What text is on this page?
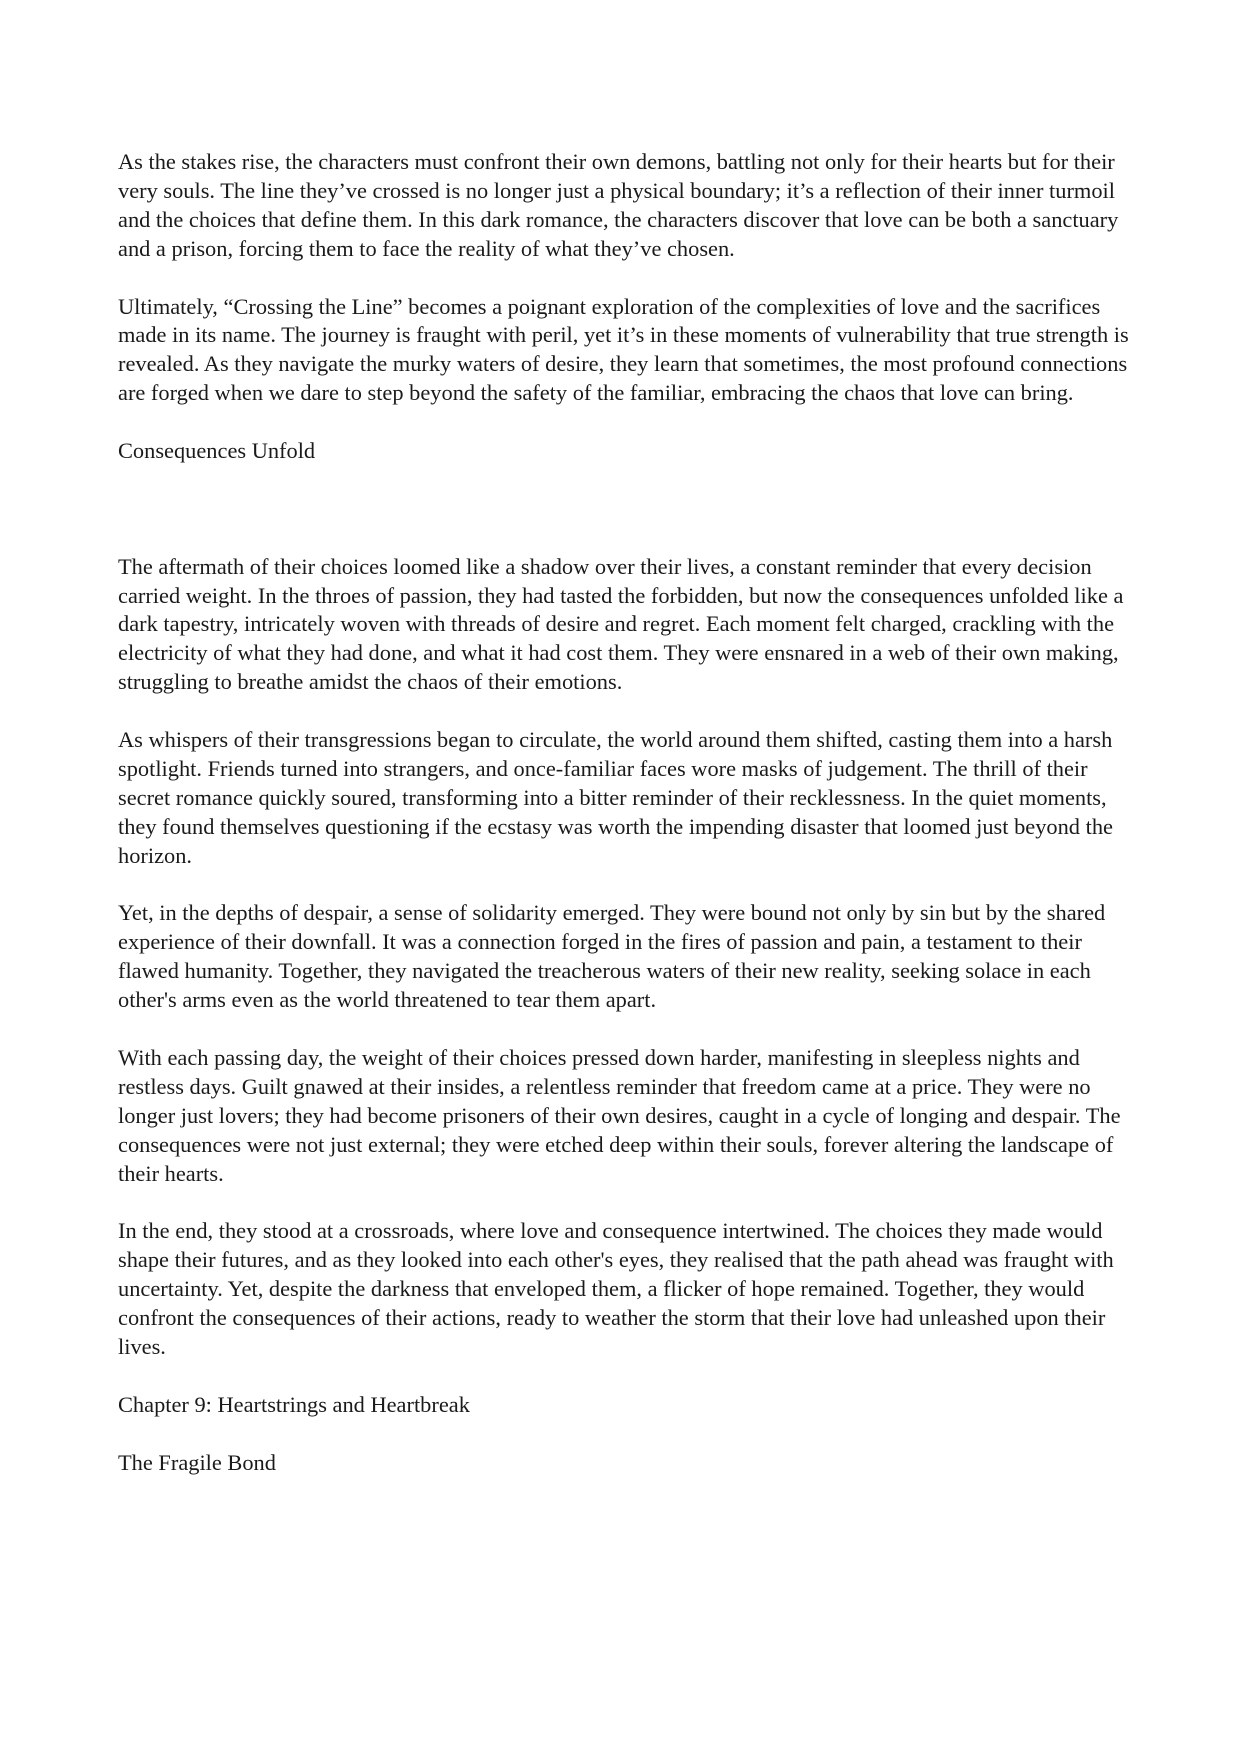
As the stakes rise, the characters must confront their own demons, battling not only for their hearts but for their very souls. The line they’ve crossed is no longer just a physical boundary; it’s a reflection of their inner turmoil and the choices that define them. In this dark romance, the characters discover that love can be both a sanctuary and a prison, forcing them to face the reality of what they’ve chosen.

Ultimately, “Crossing the Line” becomes a poignant exploration of the complexities of love and the sacrifices made in its name. The journey is fraught with peril, yet it’s in these moments of vulnerability that true strength is revealed. As they navigate the murky waters of desire, they learn that sometimes, the most profound connections are forged when we dare to step beyond the safety of the familiar, embracing the chaos that love can bring.

Consequences Unfold

The aftermath of their choices loomed like a shadow over their lives, a constant reminder that every decision carried weight. In the throes of passion, they had tasted the forbidden, but now the consequences unfolded like a dark tapestry, intricately woven with threads of desire and regret. Each moment felt charged, crackling with the electricity of what they had done, and what it had cost them. They were ensnared in a web of their own making, struggling to breathe amidst the chaos of their emotions.

As whispers of their transgressions began to circulate, the world around them shifted, casting them into a harsh spotlight. Friends turned into strangers, and once-familiar faces wore masks of judgement. The thrill of their secret romance quickly soured, transforming into a bitter reminder of their recklessness. In the quiet moments, they found themselves questioning if the ecstasy was worth the impending disaster that loomed just beyond the horizon.

Yet, in the depths of despair, a sense of solidarity emerged. They were bound not only by sin but by the shared experience of their downfall. It was a connection forged in the fires of passion and pain, a testament to their flawed humanity. Together, they navigated the treacherous waters of their new reality, seeking solace in each other's arms even as the world threatened to tear them apart.

With each passing day, the weight of their choices pressed down harder, manifesting in sleepless nights and restless days. Guilt gnawed at their insides, a relentless reminder that freedom came at a price. They were no longer just lovers; they had become prisoners of their own desires, caught in a cycle of longing and despair. The consequences were not just external; they were etched deep within their souls, forever altering the landscape of their hearts.

In the end, they stood at a crossroads, where love and consequence intertwined. The choices they made would shape their futures, and as they looked into each other's eyes, they realised that the path ahead was fraught with uncertainty. Yet, despite the darkness that enveloped them, a flicker of hope remained. Together, they would confront the consequences of their actions, ready to weather the storm that their love had unleashed upon their lives.

Chapter 9: Heartstrings and Heartbreak

The Fragile Bond
